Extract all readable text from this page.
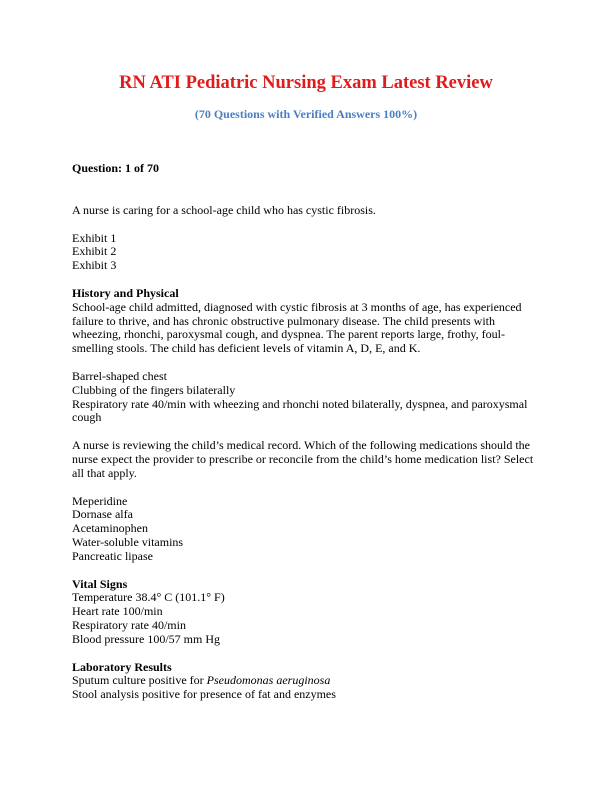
RN ATI Pediatric Nursing Exam Latest Review
(70 Questions with Verified Answers 100%)

Question: 1 of 70

A nurse is caring for a school-age child who has cystic fibrosis.

Exhibit 1
Exhibit 2
Exhibit 3
History and Physical

School-age child admitted, diagnosed with cystic fibrosis at 3 months of age, has experienced failure to thrive, and has chronic obstructive pulmonary disease. The child presents with wheezing, rhonchi, paroxysmal cough, and dyspnea. The parent reports large, frothy, foul-smelling stools. The child has deficient levels of vitamin A, D, E, and K.

Barrel-shaped chest
Clubbing of the fingers bilaterally
Respiratory rate 40/min with wheezing and rhonchi noted bilaterally, dyspnea, and paroxysmal cough

A nurse is reviewing the child’s medical record. Which of the following medications should the nurse expect the provider to prescribe or reconcile from the child’s home medication list? Select all that apply.

Meperidine
Dornase alfa
Acetaminophen
Water-soluble vitamins
Pancreatic lipase
Vital Signs
Temperature 38.4° C (101.1° F)
Heart rate 100/min
Respiratory rate 40/min
Blood pressure 100/57 mm Hg
Laboratory Results
Sputum culture positive for Pseudomonas aeruginosa
Stool analysis positive for presence of fat and enzymes
